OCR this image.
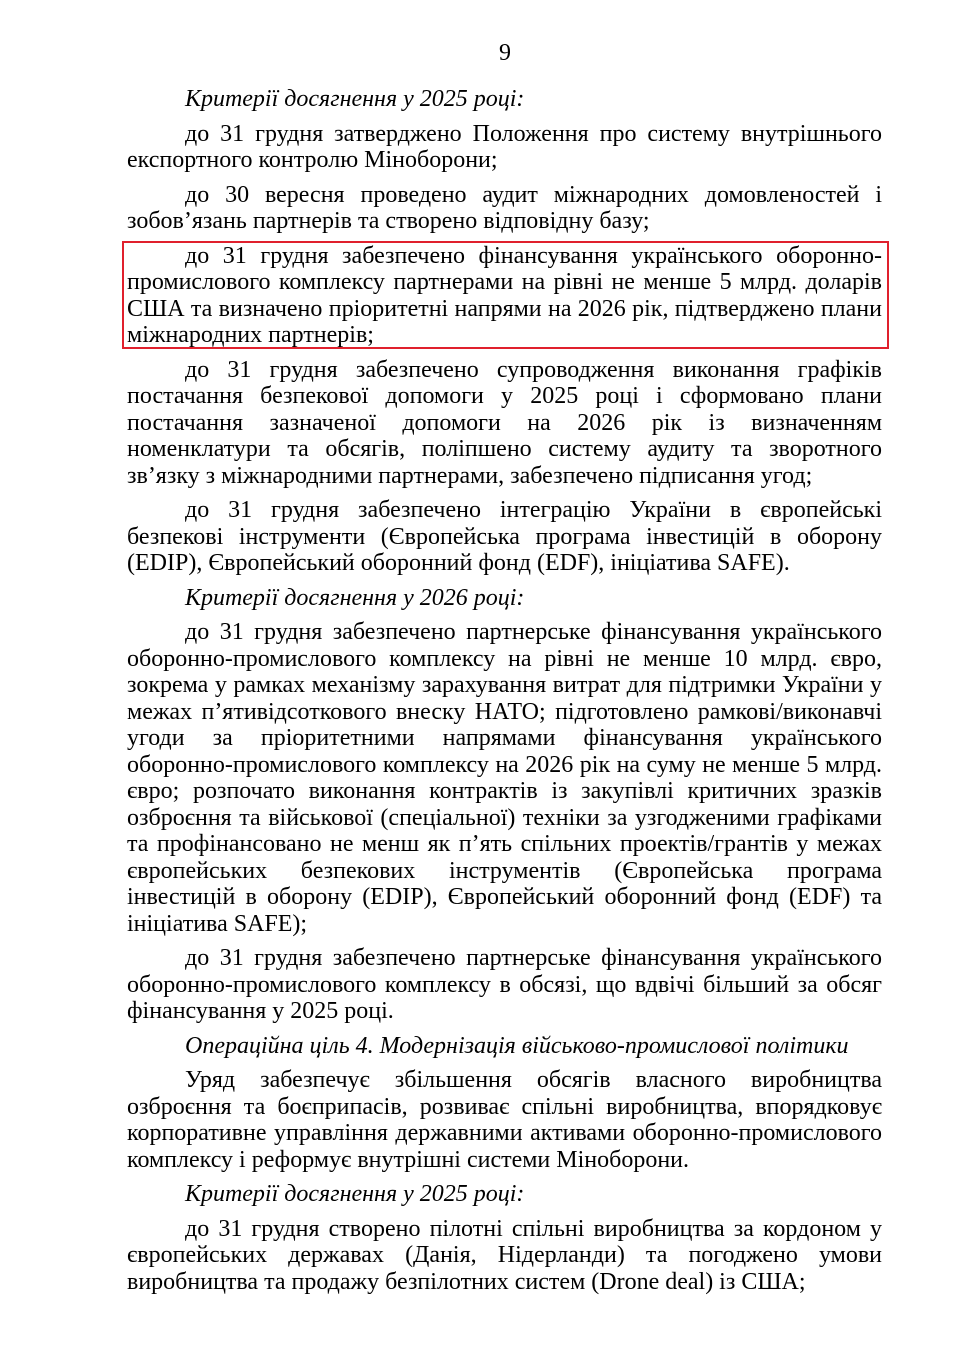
9
Критерії досягнення у 2025 році:
до 31 грудня затверджено Положення про систему внутрішнього експортного контролю Міноборони;
до 30 вересня проведено аудит міжнародних домовленостей і зобов’язань партнерів та створено відповідну базу;
до 31 грудня забезпечено фінансування українського оборонно-промислового комплексу партнерами на рівні не менше 5 млрд. доларів США та визначено пріоритетні напрями на 2026 рік, підтверджено плани міжнародних партнерів;
до 31 грудня забезпечено супроводження виконання графіків постачання безпекової допомоги у 2025 році і сформовано плани постачання зазначеної допомоги на 2026 рік із визначенням номенклатури та обсягів, поліпшено систему аудиту та зворотного зв’язку з міжнародними партнерами, забезпечено підписання угод;
до 31 грудня забезпечено інтеграцію України в європейські безпекові інструменти (Європейська програма інвестицій в оборону (EDIP), Європейський оборонний фонд (EDF), ініціатива SAFE).
Критерії досягнення у 2026 році:
до 31 грудня забезпечено партнерське фінансування українського оборонно-промислового комплексу на рівні не менше 10 млрд. євро, зокрема у рамках механізму зарахування витрат для підтримки України у межах п’ятивідсоткового внеску НАТО; підготовлено рамкові/виконавчі угоди за пріоритетними напрямами фінансування українського оборонно-промислового комплексу на 2026 рік на суму не менше 5 млрд. євро; розпочато виконання контрактів із закупівлі критичних зразків озброєння та військової (спеціальної) техніки за узгодженими графіками та профінансовано не менш як п’ять спільних проектів/грантів у межах європейських безпекових інструментів (Європейська програма інвестицій в оборону (EDIP), Європейський оборонний фонд (EDF) та ініціатива SAFE);
до 31 грудня забезпечено партнерське фінансування українського оборонно-промислового комплексу в обсязі, що вдвічі більший за обсяг фінансування у 2025 році.
Операційна ціль 4. Модернізація військово-промислової політики
Уряд забезпечує збільшення обсягів власного виробництва озброєння та боєприпасів, розвиває спільні виробництва, впорядковує корпоративне управління державними активами оборонно-промислового комплексу і реформує внутрішні системи Міноборони.
Критерії досягнення у 2025 році:
до 31 грудня створено пілотні спільні виробництва за кордоном у європейських державах (Данія, Нідерланди) та погоджено умови виробництва та продажу безпілотних систем (Drone deal) із США;
